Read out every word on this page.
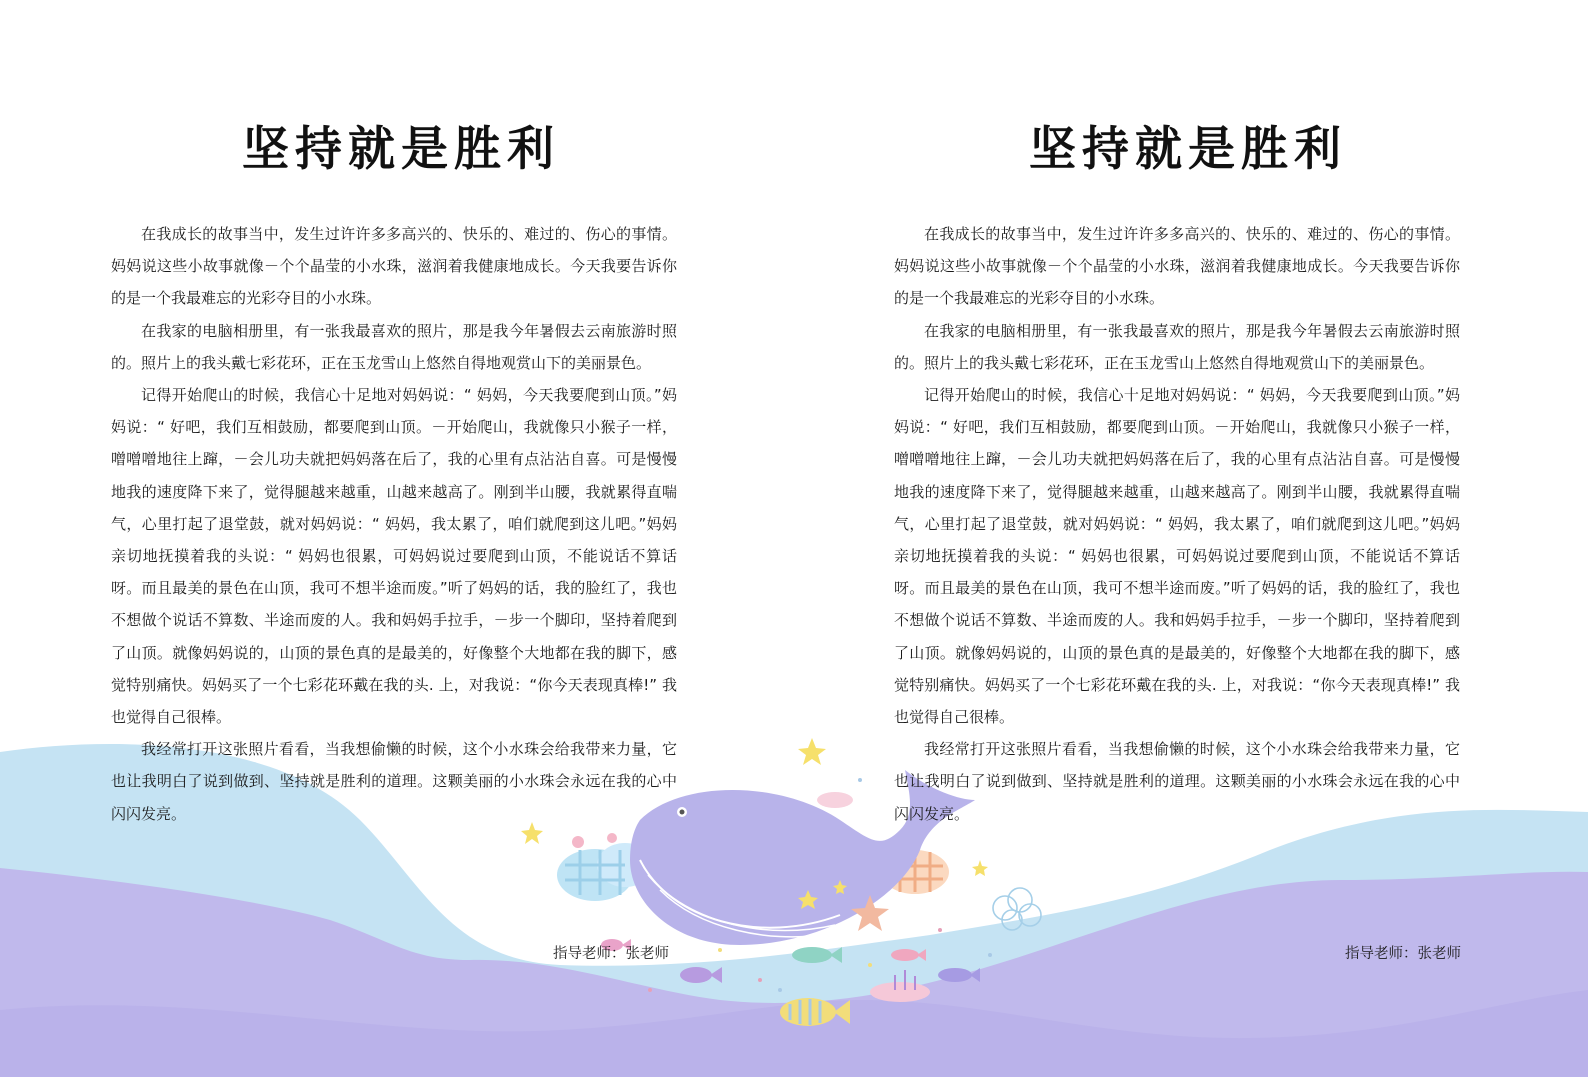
坚持就是胜利

在我成长的故事当中，发生过许许多多高兴的、快乐的、难过的、伤心的事情。妈妈说这些小故事就像－个个晶莹的小水珠，滋润着我健康地成长。今天我要告诉你的是一个我最难忘的光彩夺目的小水珠。

在我家的电脑相册里，有一张我最喜欢的照片，那是我今年暑假去云南旅游时照的。照片上的我头戴七彩花环，正在玉龙雪山上悠然自得地观赏山下的美丽景色。

记得开始爬山的时候，我信心十足地对妈妈说：“ 妈妈，今天我要爬到山顶。”妈妈说：“ 好吧，我们互相鼓励，都要爬到山顶。－开始爬山，我就像只小猴子一样，噌噌噌地往上蹿，－会儿功夫就把妈妈落在后了，我的心里有点沾沾自喜。可是慢慢地我的速度降下来了，觉得腿越来越重，山越来越高了。刚到半山腰，我就累得直喘气，心里打起了退堂鼓，就对妈妈说：“ 妈妈，我太累了，咱们就爬到这儿吧。”妈妈亲切地抚摸着我的头说：“ 妈妈也很累，可妈妈说过要爬到山顶，不能说话不算话呀。而且最美的景色在山顶，我可不想半途而废。”听了妈妈的话，我的脸红了，我也不想做个说话不算数、半途而废的人。我和妈妈手拉手，－步一个脚印，坚持着爬到了山顶。就像妈妈说的，山顶的景色真的是最美的，好像整个大地都在我的脚下，感觉特别痛快。妈妈买了一个七彩花环戴在我的头. 上，对我说：“你今天表现真棒!” 我也觉得自己很棒。

我经常打开这张照片看看，当我想偷懒的时候，这个小水珠会给我带来力量，它也让我明白了说到做到、坚持就是胜利的道理。这颗美丽的小水珠会永远在我的心中闪闪发亮。

指导老师：张老师
坚持就是胜利

在我成长的故事当中，发生过许许多多高兴的、快乐的、难过的、伤心的事情。妈妈说这些小故事就像－个个晶莹的小水珠，滋润着我健康地成长。今天我要告诉你的是一个我最难忘的光彩夺目的小水珠。

在我家的电脑相册里，有一张我最喜欢的照片，那是我今年暑假去云南旅游时照的。照片上的我头戴七彩花环，正在玉龙雪山上悠然自得地观赏山下的美丽景色。

记得开始爬山的时候，我信心十足地对妈妈说：“ 妈妈，今天我要爬到山顶。”妈妈说：“ 好吧，我们互相鼓励，都要爬到山顶。－开始爬山，我就像只小猴子一样，噌噌噌地往上蹿，－会儿功夫就把妈妈落在后了，我的心里有点沾沾自喜。可是慢慢地我的速度降下来了，觉得腿越来越重，山越来越高了。刚到半山腰，我就累得直喘气，心里打起了退堂鼓，就对妈妈说：“ 妈妈，我太累了，咱们就爬到这儿吧。”妈妈亲切地抚摸着我的头说：“ 妈妈也很累，可妈妈说过要爬到山顶，不能说话不算话呀。而且最美的景色在山顶，我可不想半途而废。”听了妈妈的话，我的脸红了，我也不想做个说话不算数、半途而废的人。我和妈妈手拉手，－步一个脚印，坚持着爬到了山顶。就像妈妈说的，山顶的景色真的是最美的，好像整个大地都在我的脚下，感觉特别痛快。妈妈买了一个七彩花环戴在我的头. 上，对我说：“你今天表现真棒!” 我也觉得自己很棒。

我经常打开这张照片看看，当我想偷懒的时候，这个小水珠会给我带来力量，它也让我明白了说到做到、坚持就是胜利的道理。这颗美丽的小水珠会永远在我的心中闪闪发亮。

指导老师：张老师
